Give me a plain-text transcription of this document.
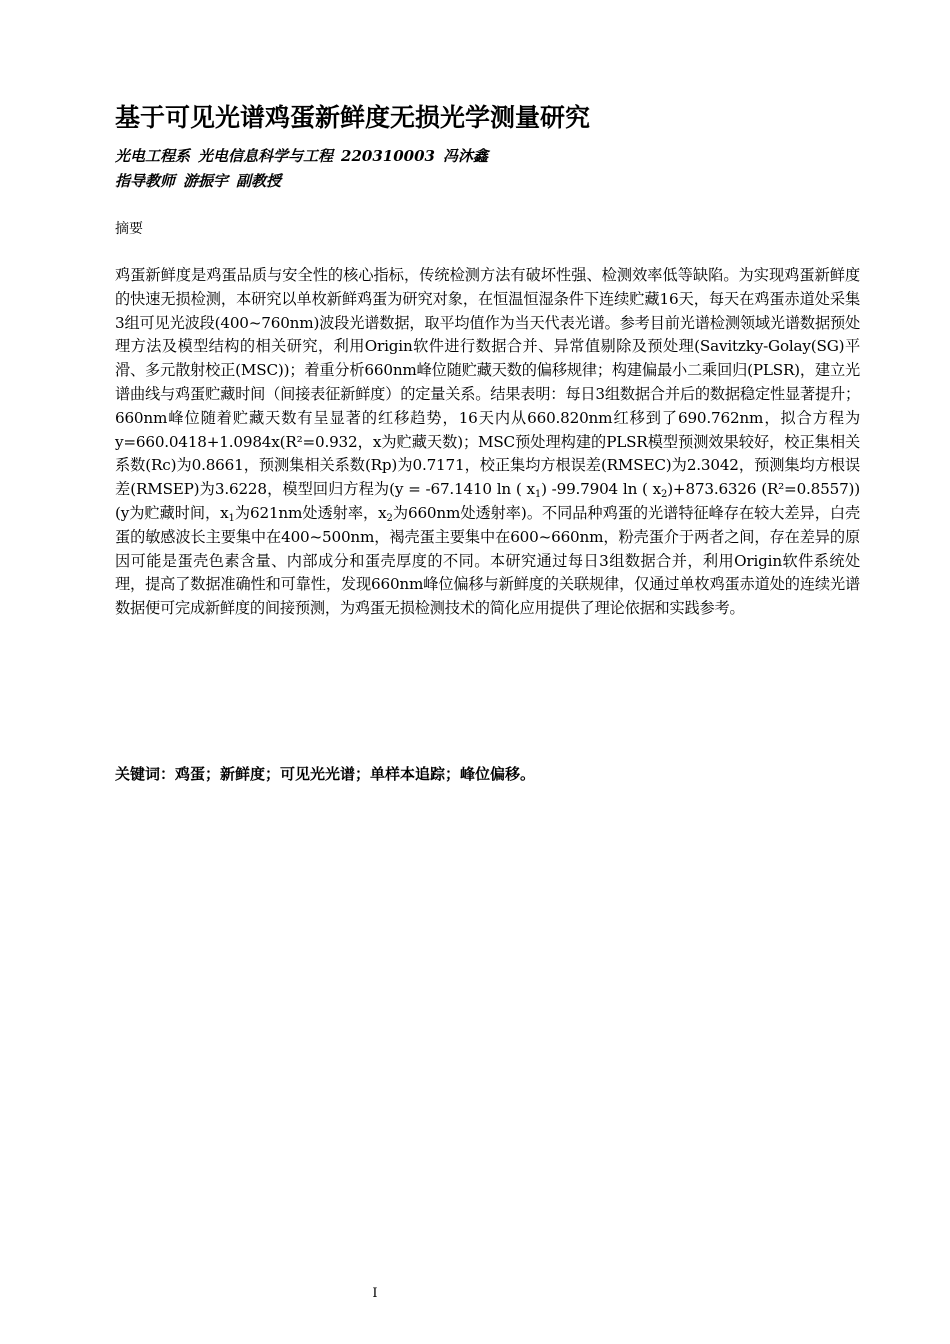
基于可见光谱鸡蛋新鲜度无损光学测量研究

光电工程系 光电信息科学与工程 220310003 冯沐鑫

指导教师 游振宇 副教授

摘要

鸡蛋新鲜度是鸡蛋品质与安全性的核心指标，传统检测方法有破坏性强、检测效率低等缺陷。为实现鸡蛋新鲜度的快速无损检测，本研究以单枚新鲜鸡蛋为研究对象，在恒温恒湿条件下连续贮藏16天，每天在鸡蛋赤道处采集3组可见光波段(400~760nm)波段光谱数据，取平均值作为当天代表光谱。参考目前光谱检测领域光谱数据预处理方法及模型结构的相关研究，利用Origin软件进行数据合并、异常值剔除及预处理(Savitzky-Golay(SG)平滑、多元散射校正(MSC))；着重分析660nm峰位随贮藏天数的偏移规律；构建偏最小二乘回归(PLSR)，建立光谱曲线与鸡蛋贮藏时间（间接表征新鲜度）的定量关系。结果表明：每日3组数据合并后的数据稳定性显著提升；660nm峰位随着贮藏天数有呈显著的红移趋势，16天内从660.820nm红移到了690.762nm，拟合方程为y=660.0418+1.0984x(R²=0.932，x为贮藏天数)；MSC预处理构建的PLSR模型预测效果较好，校正集相关系数(Rc)为0.8661，预测集相关系数(Rp)为0.7171，校正集均方根误差(RMSEC)为2.3042，预测集均方根误差(RMSEP)为3.6228，模型回归方程为(y = -67.1410 ln ( $x_1$) -99.7904 ln ( $x_2)+873.6326$ (R²=0.8557))(y为贮藏时间，$x_1$为621nm处透射率，$x_2$为660nm处透射率)。不同品种鸡蛋的光谱特征峰存在较大差异，白壳蛋的敏感波长主要集中在400~500nm，褐壳蛋主要集中在600~660nm，粉壳蛋介于两者之间，存在差异的原因可能是蛋壳色素含量、内部成分和蛋壳厚度的不同。本研究通过每日3组数据合并，利用Origin软件系统处理，提高了数据准确性和可靠性，发现660nm峰位偏移与新鲜度的关联规律，仅通过单枚鸡蛋赤道处的连续光谱数据便可完成新鲜度的间接预测，为鸡蛋无损检测技术的简化应用提供了理论依据和实践参考。

关键词：鸡蛋；新鲜度；可见光光谱；单样本追踪；峰位偏移。

I
